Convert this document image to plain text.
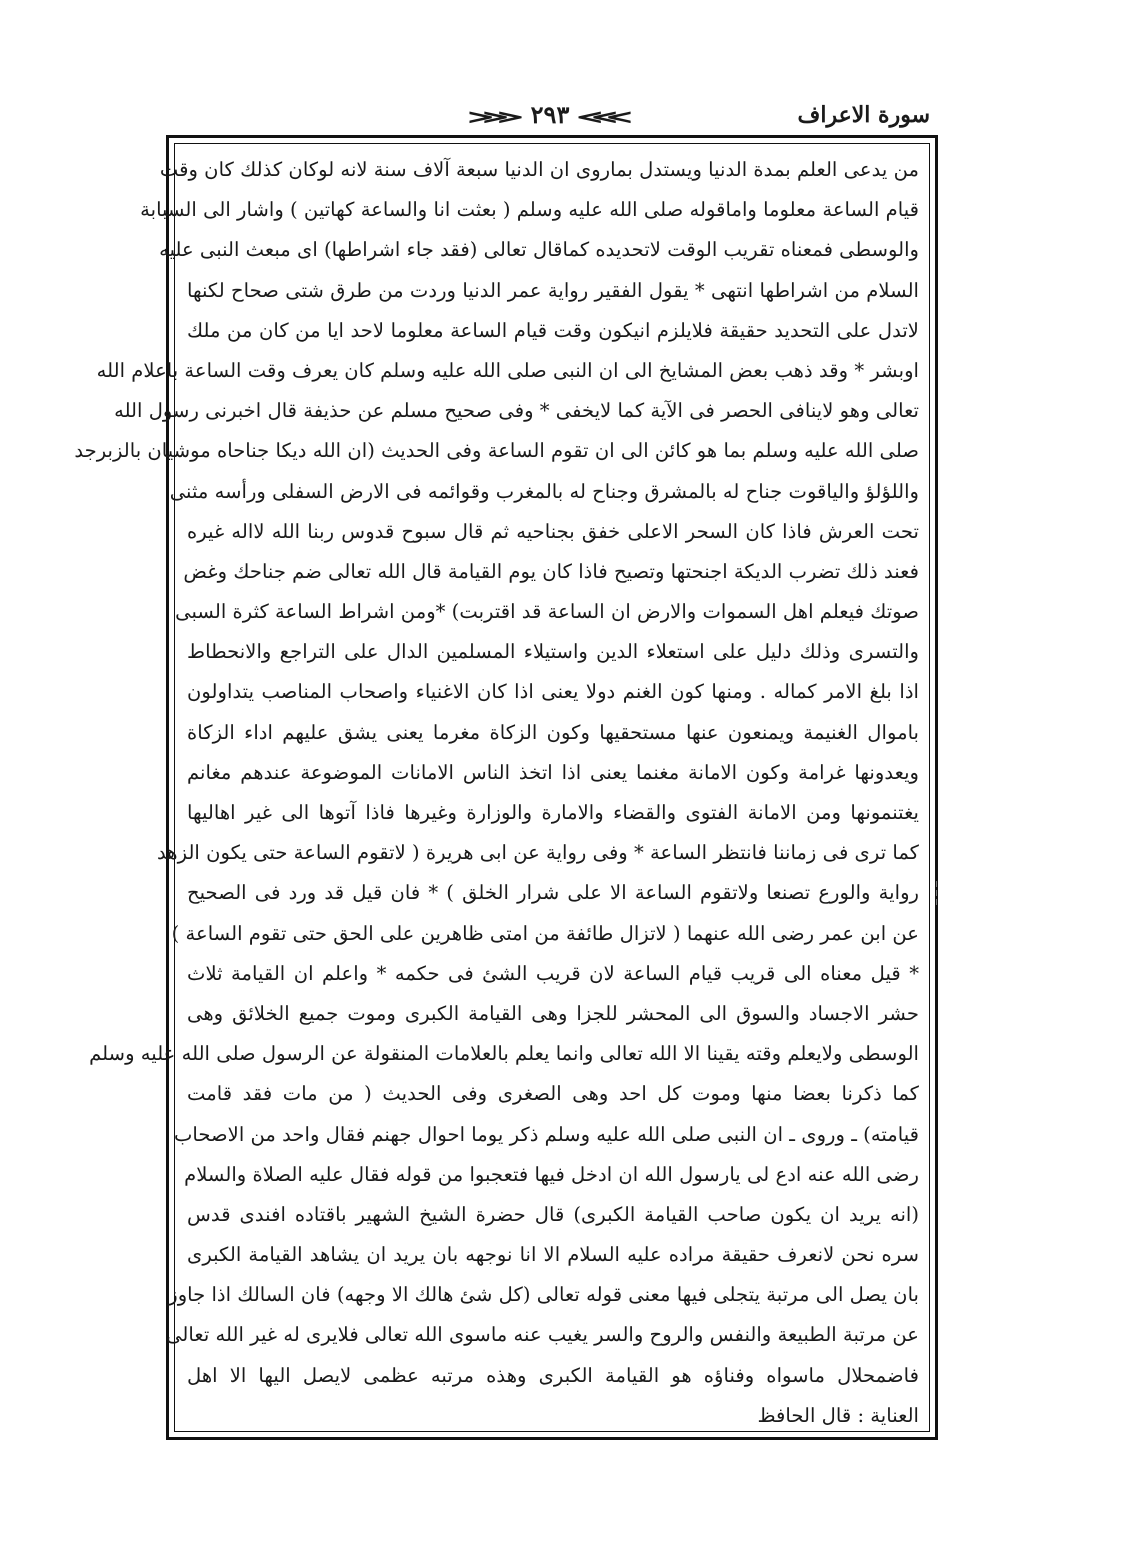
سورة الاعراف
⋙ ٢٩٣ ⋘
من يدعى العلم بمدة الدنيا ويستدل بماروى ان الدنيا سبعة آلاف سنة لانه لوكان كذلك كان وقت
قيام الساعة معلوما واماقوله صلى الله عليه وسلم ( بعثت انا والساعة كهاتين ) واشار الى السبابة
والوسطى فمعناه تقريب الوقت لاتحديده كماقال تعالى (فقد جاء اشراطها) اى مبعث النبى عليه
السلام من اشراطها انتهى * يقول الفقير رواية عمر الدنيا وردت من طرق شتى صحاح لكنها
لاتدل على التحديد حقيقة فلايلزم انيكون وقت قيام الساعة معلوما لاحد ايا من كان من ملك
اوبشر * وقد ذهب بعض المشايخ الى ان النبى صلى الله عليه وسلم كان يعرف وقت الساعة باعلام الله
تعالى وهو لاينافى الحصر فى الآية كما لايخفى * وفى صحيح مسلم عن حذيفة قال اخبرنى رسول الله
صلى الله عليه وسلم بما هو كائن الى ان تقوم الساعة وفى الحديث (ان الله ديكا جناحاه موشيان بالزبرجد
واللؤلؤ والياقوت جناح له بالمشرق وجناح له بالمغرب وقوائمه فى الارض السفلى ورأسه مثنى
تحت العرش فاذا كان السحر الاعلى خفق بجناحيه ثم قال سبوح قدوس ربنا الله لااله غيره
فعند ذلك تضرب الديكة اجنحتها وتصيح فاذا كان يوم القيامة قال الله تعالى ضم جناحك وغض
صوتك فيعلم اهل السموات والارض ان الساعة قد اقتربت) *ومن اشراط الساعة كثرة السبى
والتسرى وذلك دليل على استعلاء الدين واستيلاء المسلمين الدال على التراجع والانحطاط
اذا بلغ الامر كماله . ومنها كون الغنم دولا يعنى اذا كان الاغنياء واصحاب المناصب يتداولون
باموال الغنيمة ويمنعون عنها مستحقيها وكون الزكاة مغرما يعنى يشق عليهم اداء الزكاة
ويعدونها غرامة وكون الامانة مغنما يعنى اذا اتخذ الناس الامانات الموضوعة عندهم مغانم
يغتنمونها ومن الامانة الفتوى والقضاء والامارة والوزارة وغيرها فاذا آتوها الى غير اهاليها
كما ترى فى زماننا فانتظر الساعة * وفى رواية عن ابى هريرة ( لاتقوم الساعة حتى يكون الزهد
رواية والورع تصنعا ولاتقوم الساعة الا على شرار الخلق ) * فان قيل قد ورد فى الصحيح
عن ابن عمر رضى الله عنهما ( لاتزال طائفة من امتى ظاهرين على الحق حتى تقوم الساعة )
* قيل معناه الى قريب قيام الساعة لان قريب الشئ فى حكمه * واعلم ان القيامة ثلاث
حشر الاجساد والسوق الى المحشر للجزا وهى القيامة الكبرى وموت جميع الخلائق وهى
الوسطى ولايعلم وقته يقينا الا الله تعالى وانما يعلم بالعلامات المنقولة عن الرسول صلى الله عليه وسلم
كما ذكرنا بعضا منها وموت كل احد وهى الصغرى وفى الحديث ( من مات فقد قامت
قيامته) ـ وروى ـ ان النبى صلى الله عليه وسلم ذكر يوما احوال جهنم فقال واحد من الاصحاب
رضى الله عنه ادع لى يارسول الله ان ادخل فيها فتعجبوا من قوله فقال عليه الصلاة والسلام
(انه يريد ان يكون صاحب القيامة الكبرى) قال حضرة الشيخ الشهير باقتاده افندى قدس
سره نحن لانعرف حقيقة مراده عليه السلام الا انا نوجهه بان يريد ان يشاهد القيامة الكبرى
بان يصل الى مرتبة يتجلى فيها معنى قوله تعالى (كل شئ هالك الا وجهه) فان السالك اذا جاوز
عن مرتبة الطبيعة والنفس والروح والسر يغيب عنه ماسوى الله تعالى فلايرى له غير الله تعالى
فاضمحلال ماسواه وفناؤه هو القيامة الكبرى وهذه مرتبه عظمى لايصل اليها الا اهل
العناية : قال الحافظ
